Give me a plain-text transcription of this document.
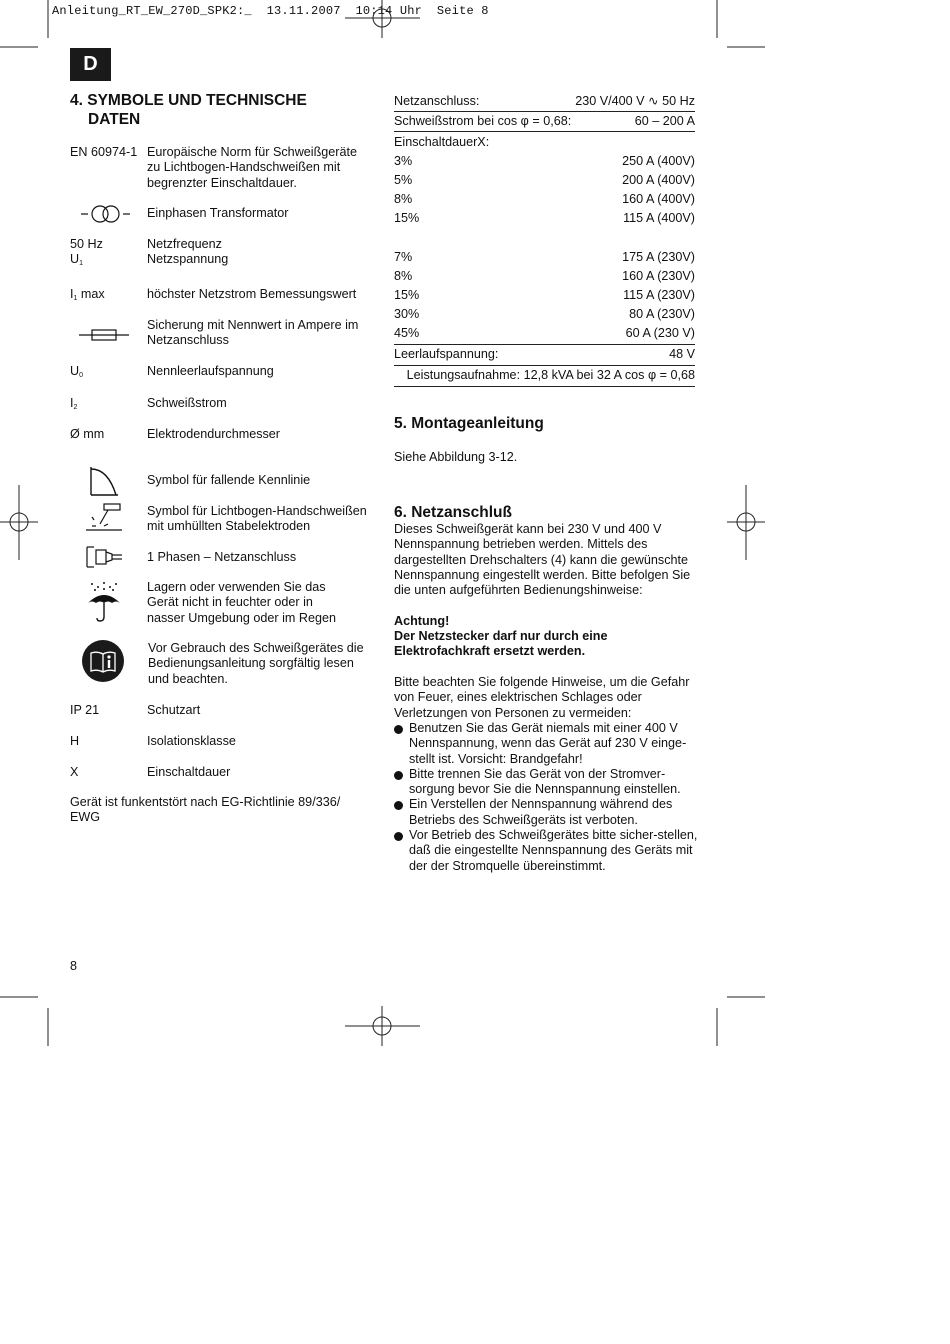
Anleitung_RT_EW_270D_SPK2:_  13.11.2007  10:14 Uhr  Seite 8
D
4. SYMBOLE UND TECHNISCHE
DATEN
EN 60974-1 Europäische Norm für Schweißgeräte zu Lichtbogen-Handschweißen mit begrenzter Einschaltdauer.
Einphasen Transformator
50 Hz	Netzfrequenz
$U_1$	Netzspannung
$I_1$ max	höchster Netzstrom Bemessungswert
Sicherung mit Nennwert in Ampere im Netzanschluss
$U_0$	Nennleerlaufspannung
$I_2$	Schweißstrom
Ø mm	Elektrodendurchmesser
Symbol für fallende Kennlinie
Symbol für Lichtbogen-Handschweißen mit umhüllten Stabelektroden
1 Phasen – Netzanschluss
Lagern oder verwenden Sie das
Gerät nicht in feuchter oder in
nasser Umgebung oder im Regen
Vor Gebrauch des Schweißgerätes die Bedienungsanleitung sorgfältig lesen und beachten.
IP 21	Schutzart
H	Isolationsklasse
X	Einschaltdauer
Gerät ist funkentstört nach EG-Richtlinie 89/336/ EWG
8
Netzanschluss:	230 V/400 V ∿ 50 Hz
Schweißstrom bei cos φ = 0,68:	60 – 200 A
EinschaltdauerX:
3%	250 A (400V)
5%	200 A (400V)
8%	160 A (400V)
15%	115 A (400V)
7%	175 A (230V)
8%	160 A (230V)
15%	115 A (230V)
30%	80 A (230V)
45%	60 A (230 V)
Leerlaufspannung:	48 V
Leistungsaufnahme: 12,8 kVA bei 32 A cos φ = 0,68
5. Montageanleitung
Siehe Abbildung 3-12.
6. Netzanschluß
Dieses Schweißgerät kann bei 230 V und 400 V Nennspannung betrieben werden. Mittels des dargestellten Drehschalters (4) kann die gewünschte Nennspannung eingestellt werden. Bitte befolgen Sie die unten aufgeführten Bedienungshinweise:
Achtung!
Der Netzstecker darf nur durch eine Elektrofachkraft ersetzt werden.
Bitte beachten Sie folgende Hinweise, um die Gefahr von Feuer, eines elektrischen Schlages oder Verletzungen von Personen zu vermeiden:
Benutzen Sie das Gerät niemals mit einer 400 V Nennspannung, wenn das Gerät auf 230 V einge-stellt ist. Vorsicht: Brandgefahr!
Bitte trennen Sie das Gerät von der Stromver-sorgung bevor Sie die Nennspannung einstellen.
Ein Verstellen der Nennspannung während des Betriebs des Schweißgeräts ist verboten.
Vor Betrieb des Schweißgerätes bitte sicher-stellen, daß die eingestellte Nennspannung des Geräts mit der der Stromquelle übereinstimmt.
